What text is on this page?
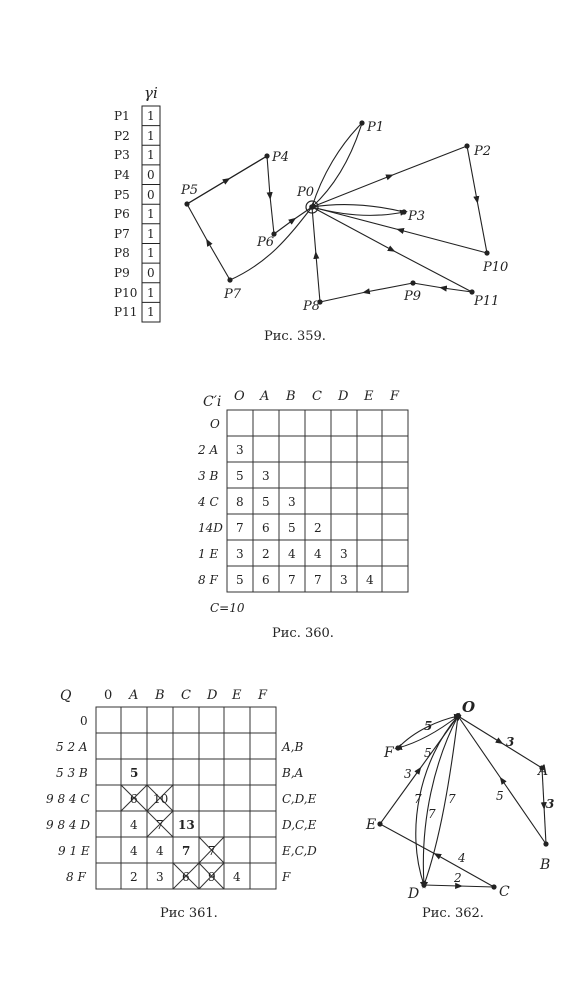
γi
P1
P2
P3
P4
P5
P6
P7
P8
P9
P10
P11
1
1
1
0
0
1
1
1
0
1
1
P0
P1
P2
P3
P4
P5
P6
P7
P8
P9
P10
P11
Рис. 359.
C′i O A B C D E F
O
2 A
3 B
4 C
14D
1 E
8 F
3
5 3
8 5 3
7 6 5 2
3 2 4 4 3
5 6 7 7 3 4
C=10
Рис. 360.
Q	0 A B C D E F
0
5 2 A
5 3 B
9 8 4 C
9 8 4 D
9 1 E
8 F
5
6 10
4 7 13
4 4 7 7
2 3 6 9 4
A,B
B,A
C,D,E
D,C,E
E,C,D
F
Рис 361.
O
F
A
B
E
D	C
5
5
3
3
5
3
7
7
7
2
4
Рис. 362.
